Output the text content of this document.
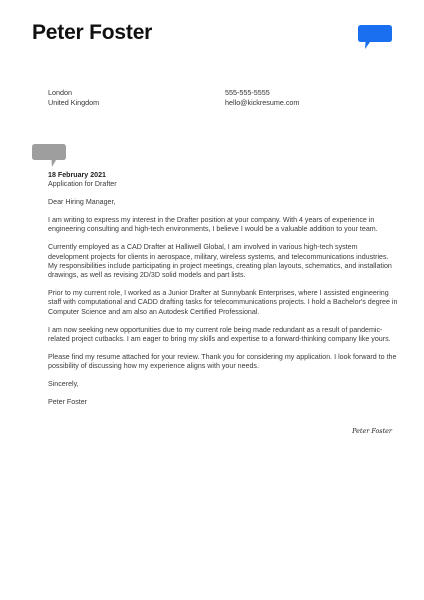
Peter Foster
London
United Kingdom
555-555-5555
hello@kickresume.com
18 February 2021
Application for Drafter

Dear Hiring Manager,

I am writing to express my interest in the Drafter position at your company. With 4 years of experience in engineering consulting and high-tech environments, I believe I would be a valuable addition to your team.

Currently employed as a CAD Drafter at Halliwell Global, I am involved in various high-tech system development projects for clients in aerospace, military, wireless systems, and telecommunications industries. My responsibilities include participating in project meetings, creating plan layouts, schematics, and installation drawings, as well as revising 2D/3D solid models and part lists.

Prior to my current role, I worked as a Junior Drafter at Sunnybank Enterprises, where I assisted engineering staff with computational and CADD drafting tasks for telecommunications projects. I hold a Bachelor's degree in Computer Science and am also an Autodesk Certified Professional.

I am now seeking new opportunities due to my current role being made redundant as a result of pandemic-related project cutbacks. I am eager to bring my skills and expertise to a forward-thinking company like yours.

Please find my resume attached for your review. Thank you for considering my application. I look forward to the possibility of discussing how my experience aligns with your needs.

Sincerely,

Peter Foster
Peter Foster
